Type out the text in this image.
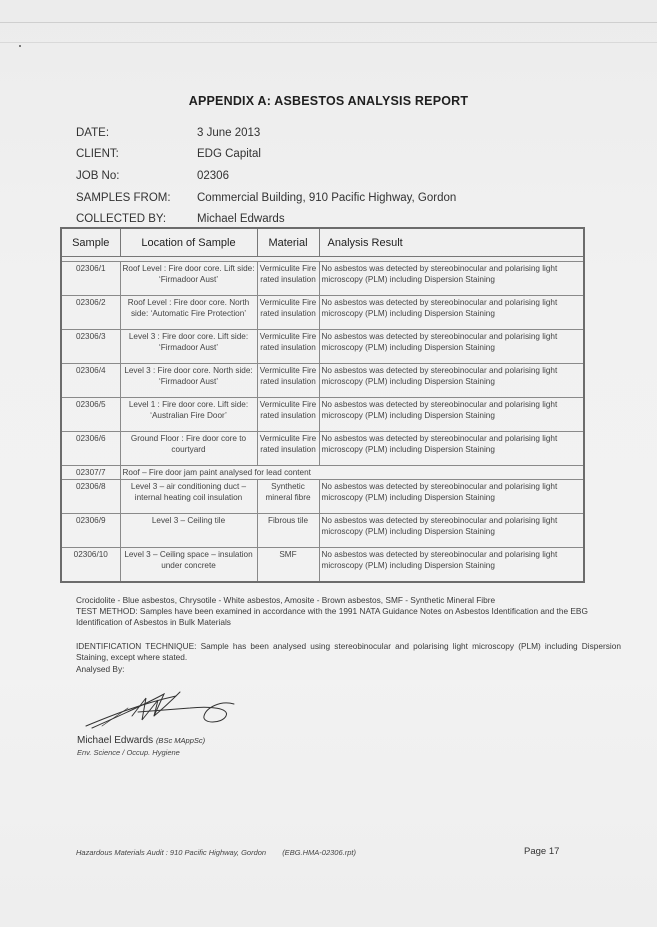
APPENDIX A: ASBESTOS ANALYSIS REPORT
DATE:	3 June 2013
CLIENT:	EDG Capital
JOB No:	02306
SAMPLES FROM:	Commercial Building, 910 Pacific Highway, Gordon
COLLECTED BY:	Michael Edwards
Sample	Location of Sample	Material	Analysis Result

02306/1	Roof Level : Fire door core. Lift side: ‘Firmadoor Aust’	Vermiculite Fire rated insulation	No asbestos was detected by stereobinocular and polarising light microscopy (PLM) including Dispersion Staining
02306/2	Roof Level : Fire door core. North side: ‘Automatic Fire Protection’	Vermiculite Fire rated insulation	No asbestos was detected by stereobinocular and polarising light microscopy (PLM) including Dispersion Staining
02306/3	Level 3 : Fire door core. Lift side: ‘Firmadoor Aust’	Vermiculite Fire rated insulation	No asbestos was detected by stereobinocular and polarising light microscopy (PLM) including Dispersion Staining
02306/4	Level 3 : Fire door core. North side: ‘Firmadoor Aust’	Vermiculite Fire rated insulation	No asbestos was detected by stereobinocular and polarising light microscopy (PLM) including Dispersion Staining
02306/5	Level 1 : Fire door core. Lift side: ‘Australian Fire Door’	Vermiculite Fire rated insulation	No asbestos was detected by stereobinocular and polarising light microscopy (PLM) including Dispersion Staining
02306/6	Ground Floor : Fire door core to courtyard	Vermiculite Fire rated insulation	No asbestos was detected by stereobinocular and polarising light microscopy (PLM) including Dispersion Staining
02307/7	Roof – Fire door jam paint analysed for lead content		
02306/8	Level 3 – air conditioning duct – internal heating coil insulation	Synthetic mineral fibre	No asbestos was detected by stereobinocular and polarising light microscopy (PLM) including Dispersion Staining
02306/9	Level 3 – Ceiling tile	Fibrous tile	No asbestos was detected by stereobinocular and polarising light microscopy (PLM) including Dispersion Staining
02306/10	Level 3 – Ceiling space – insulation under concrete	SMF	No asbestos was detected by stereobinocular and polarising light microscopy (PLM) including Dispersion Staining
Crocidolite - Blue asbestos, Chrysotile - White asbestos, Amosite - Brown asbestos, SMF - Synthetic Mineral Fibre
TEST METHOD: Samples have been examined in accordance with the 1991 NATA Guidance Notes on Asbestos Identification and the EBG Identification of Asbestos in Bulk Materials
IDENTIFICATION TECHNIQUE: Sample has been analysed using stereobinocular and polarising light microscopy (PLM) including Dispersion Staining, except where stated.
Analysed By:
Michael Edwards (BSc MAppSc)
Env. Science / Occup. Hygiene
Hazardous Materials Audit : 910 Pacific Highway, Gordon (EBG.HMA-02306.rpt)	Page 17
